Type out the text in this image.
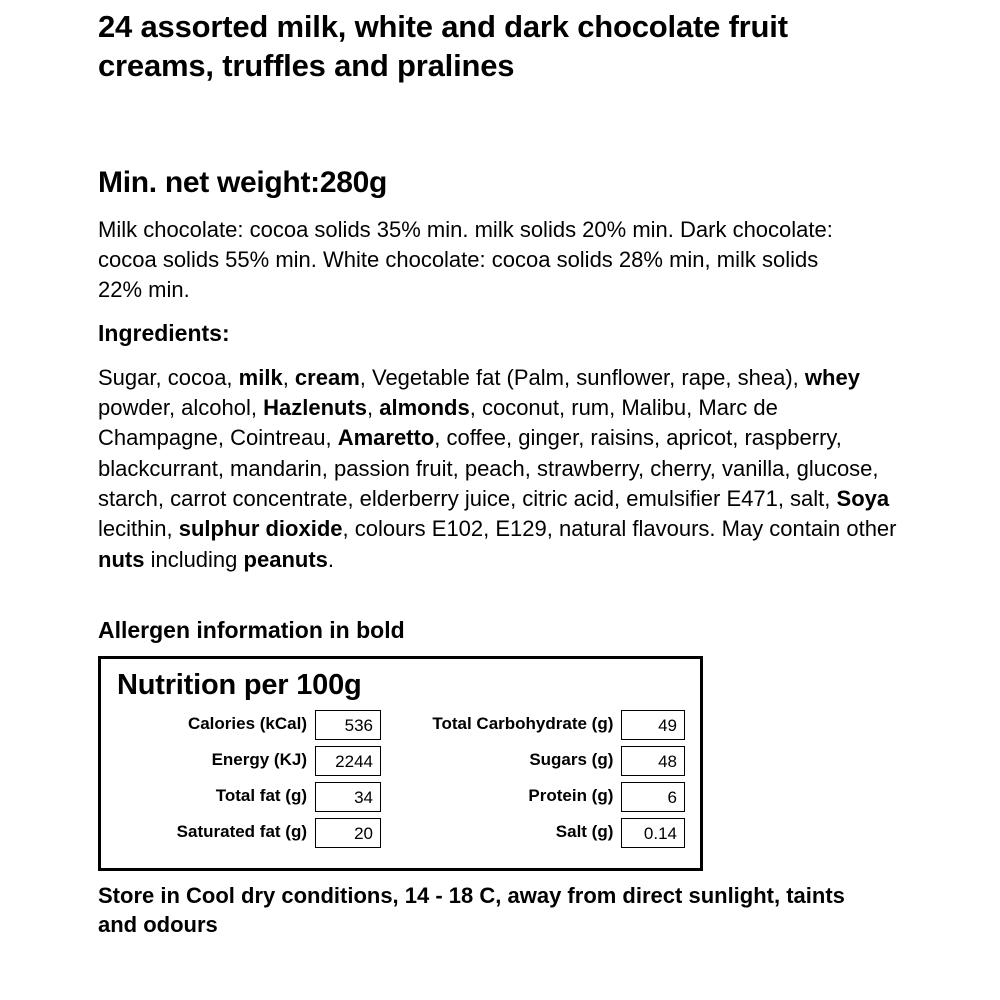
24 assorted milk, white and dark chocolate fruit creams, truffles and pralines

Min. net weight:280g

Milk chocolate: cocoa solids 35% min. milk solids 20% min. Dark chocolate: cocoa solids 55% min. White chocolate: cocoa solids 28% min, milk solids 22% min.

Ingredients:

Sugar, cocoa, milk, cream, Vegetable fat (Palm, sunflower, rape, shea), whey powder, alcohol, Hazlenuts, almonds, coconut, rum, Malibu, Marc de Champagne, Cointreau, Amaretto, coffee, ginger, raisins, apricot, raspberry, blackcurrant, mandarin, passion fruit, peach, strawberry, cherry, vanilla, glucose, starch, carrot concentrate, elderberry juice, citric acid, emulsifier E471, salt, Soya lecithin, sulphur dioxide, colours E102, E129, natural flavours. May contain other nuts including peanuts.

Allergen information in bold

Nutrition per 100g

Calories (kCal)	536
Energy (KJ)	2244
Total fat (g)	34
Saturated fat (g)	20
Total Carbohydrate (g)	49
Sugars (g)	48
Protein (g)	6
Salt (g)	0.14

Store in Cool dry conditions, 14 - 18 C, away from direct sunlight, taints and odours
